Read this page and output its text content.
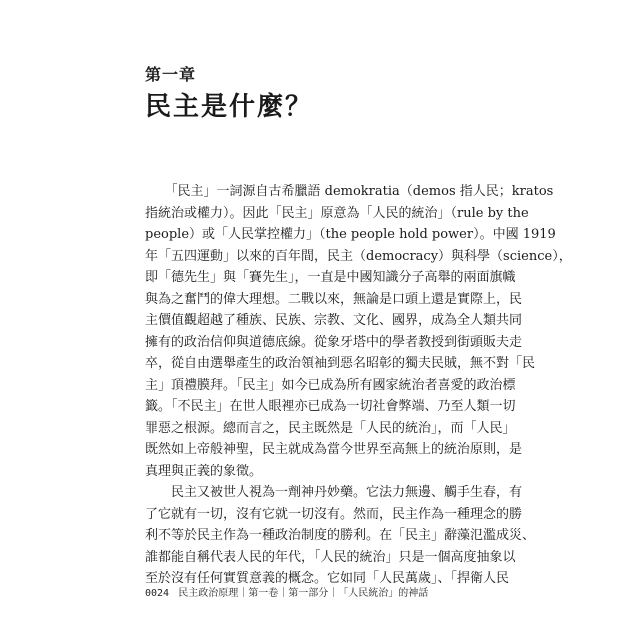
第一章
民主是什麼？
　　「民主」一詞源自古希臘語 demokratia（demos 指人民；kratos
指統治或權力）。因此「民主」原意為「人民的統治」（rule by the
people）或「人民掌控權力」（the people hold power）。中國 1919
年「五四運動」以來的百年間，民主（democracy）與科學（science），
即「德先生」與「賽先生」，一直是中國知識分子高舉的兩面旗幟
與為之奮鬥的偉大理想。二戰以來，無論是口頭上還是實際上，民
主價值觀超越了種族、民族、宗教、文化、國界，成為全人類共同
擁有的政治信仰與道德底線。從象牙塔中的學者教授到街頭販夫走
卒，從自由選舉產生的政治領袖到惡名昭彰的獨夫民賊，無不對「民
主」頂禮膜拜。「民主」如今已成為所有國家統治者喜愛的政治標
籤。「不民主」在世人眼裡亦已成為一切社會弊端、乃至人類一切
罪惡之根源。總而言之，民主既然是「人民的統治」，而「人民」
既然如上帝般神聖，民主就成為當今世界至高無上的統治原則，是
真理與正義的象徵。
　　民主又被世人視為一劑神丹妙藥。它法力無邊、觸手生春，有
了它就有一切，沒有它就一切沒有。然而，民主作為一種理念的勝
利不等於民主作為一種政治制度的勝利。在「民主」辭藻氾濫成災、
誰都能自稱代表人民的年代，「人民的統治」只是一個高度抽象以
至於沒有任何實質意義的概念。它如同「人民萬歲」、「捍衛人民
0024 民主政治原理｜第一卷｜第一部分｜「人民統治」的神話
